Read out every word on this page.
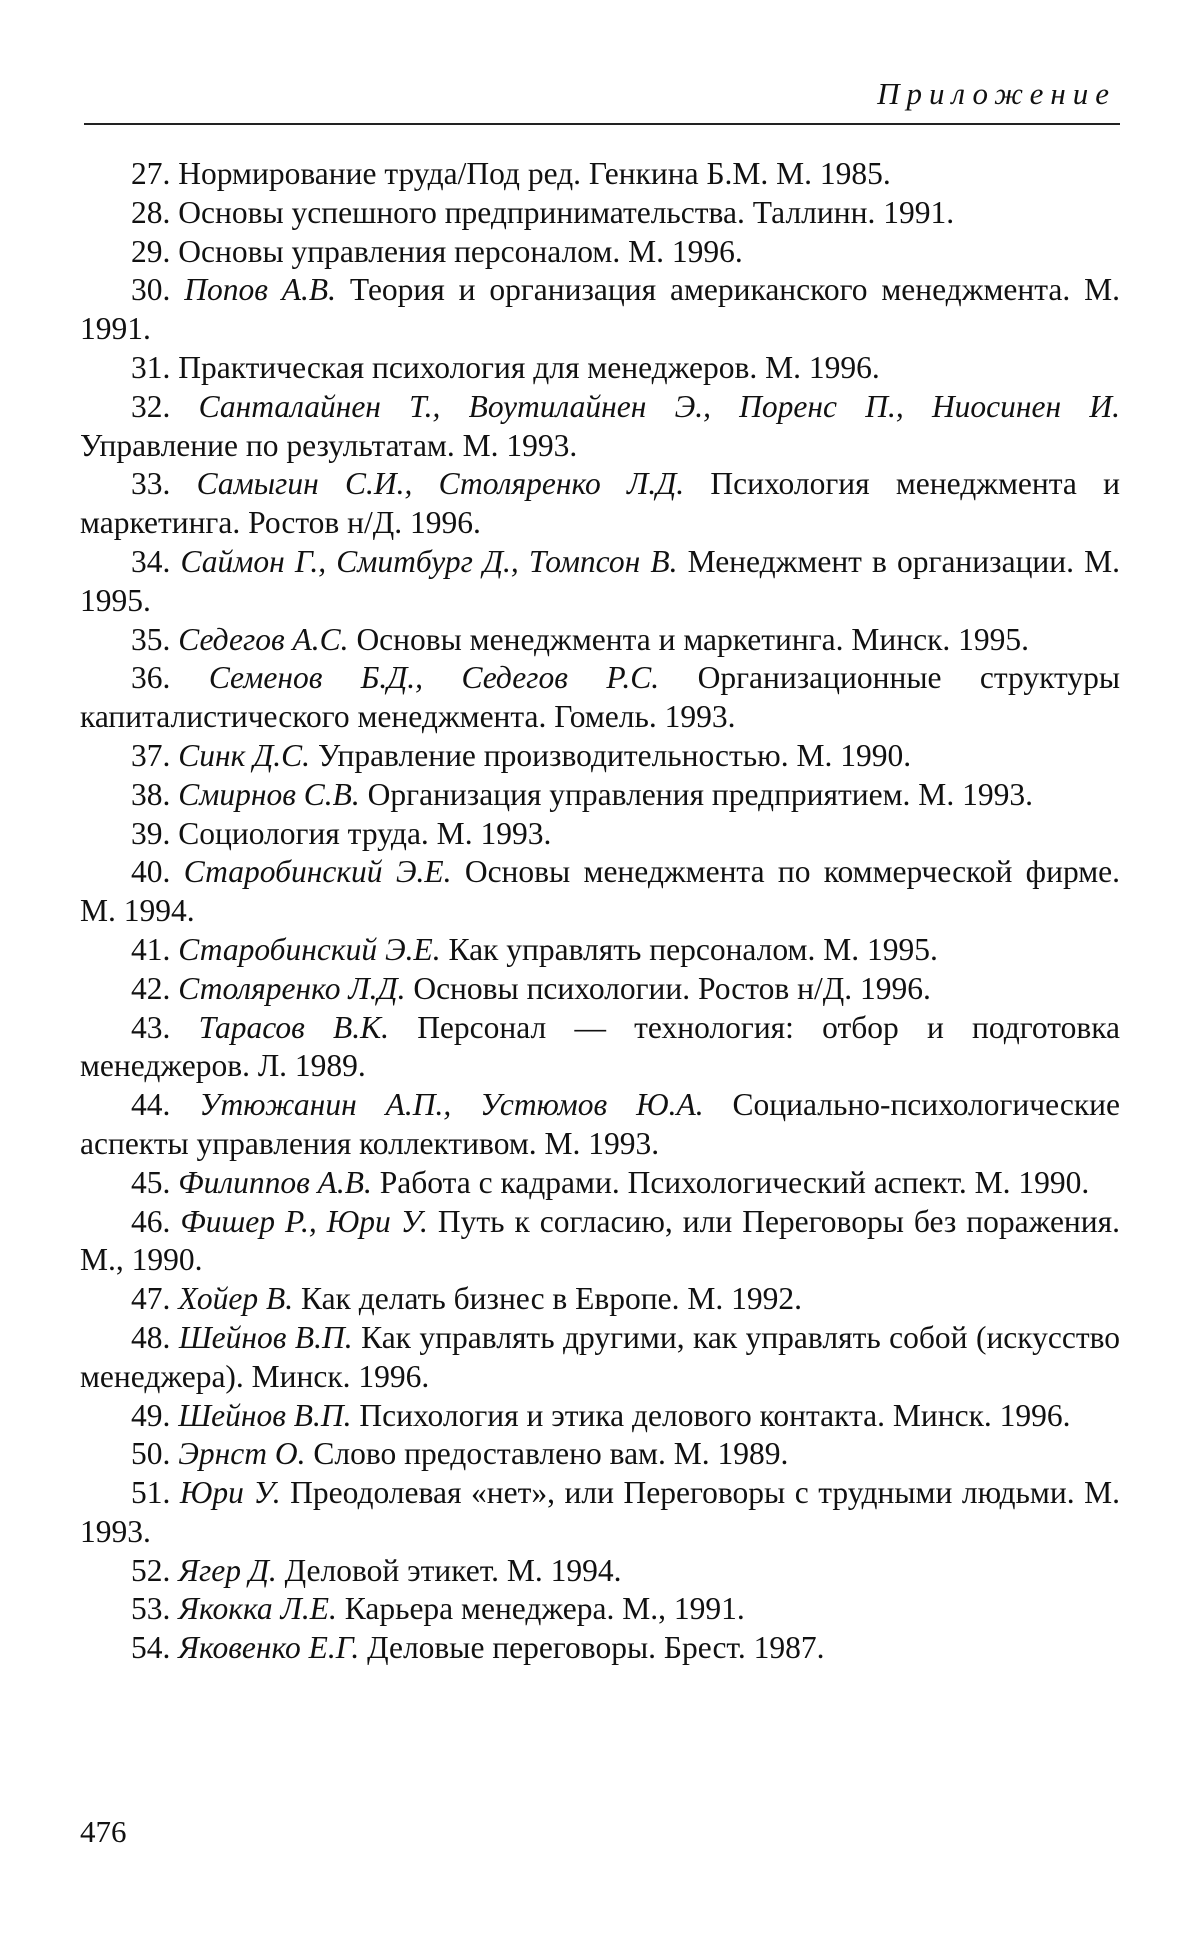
Приложение

27. Нормирование труда/Под ред. Генкина Б.М. М. 1985.

28. Основы успешного предпринимательства. Таллинн. 1991.

29. Основы управления персоналом. М. 1996.

30. Попов А.В. Теория и организация американского менеджмента. М. 1991.

31. Практическая психология для менеджеров. М. 1996.

32. Санталайнен Т., Воутилайнен Э., Поренс П., Ниосинен И. Управление по результатам. М. 1993.

33. Самыгин С.И., Столяренко Л.Д. Психология менеджмента и маркетинга. Ростов н/Д. 1996.

34. Саймон Г., Смитбург Д., Томпсон В. Менеджмент в организации. М. 1995.

35. Седегов А.С. Основы менеджмента и маркетинга. Минск. 1995.

36. Семенов Б.Д., Седегов Р.С. Организационные структуры капиталистического менеджмента. Гомель. 1993.

37. Синк Д.С. Управление производительностью. М. 1990.

38. Смирнов С.В. Организация управления предприятием. М. 1993.

39. Социология труда. М. 1993.

40. Старобинский Э.Е. Основы менеджмента по коммерческой фирме. М. 1994.

41. Старобинский Э.Е. Как управлять персоналом. М. 1995.

42. Столяренко Л.Д. Основы психологии. Ростов н/Д. 1996.

43. Тарасов В.К. Персонал — технология: отбор и подготовка менеджеров. Л. 1989.

44. Утюжанин А.П., Устюмов Ю.А. Социально-психологические аспекты управления коллективом. М. 1993.

45. Филиппов А.В. Работа с кадрами. Психологический аспект. М. 1990.

46. Фишер Р., Юри У. Путь к согласию, или Переговоры без поражения. М., 1990.

47. Хойер В. Как делать бизнес в Европе. М. 1992.

48. Шейнов В.П. Как управлять другими, как управлять собой (искусство менеджера). Минск. 1996.

49. Шейнов В.П. Психология и этика делового контакта. Минск. 1996.

50. Эрнст О. Слово предоставлено вам. М. 1989.

51. Юри У. Преодолевая «нет», или Переговоры с трудными людьми. М. 1993.

52. Ягер Д. Деловой этикет. М. 1994.

53. Якокка Л.Е. Карьера менеджера. М., 1991.

54. Яковенко Е.Г. Деловые переговоры. Брест. 1987.

476
